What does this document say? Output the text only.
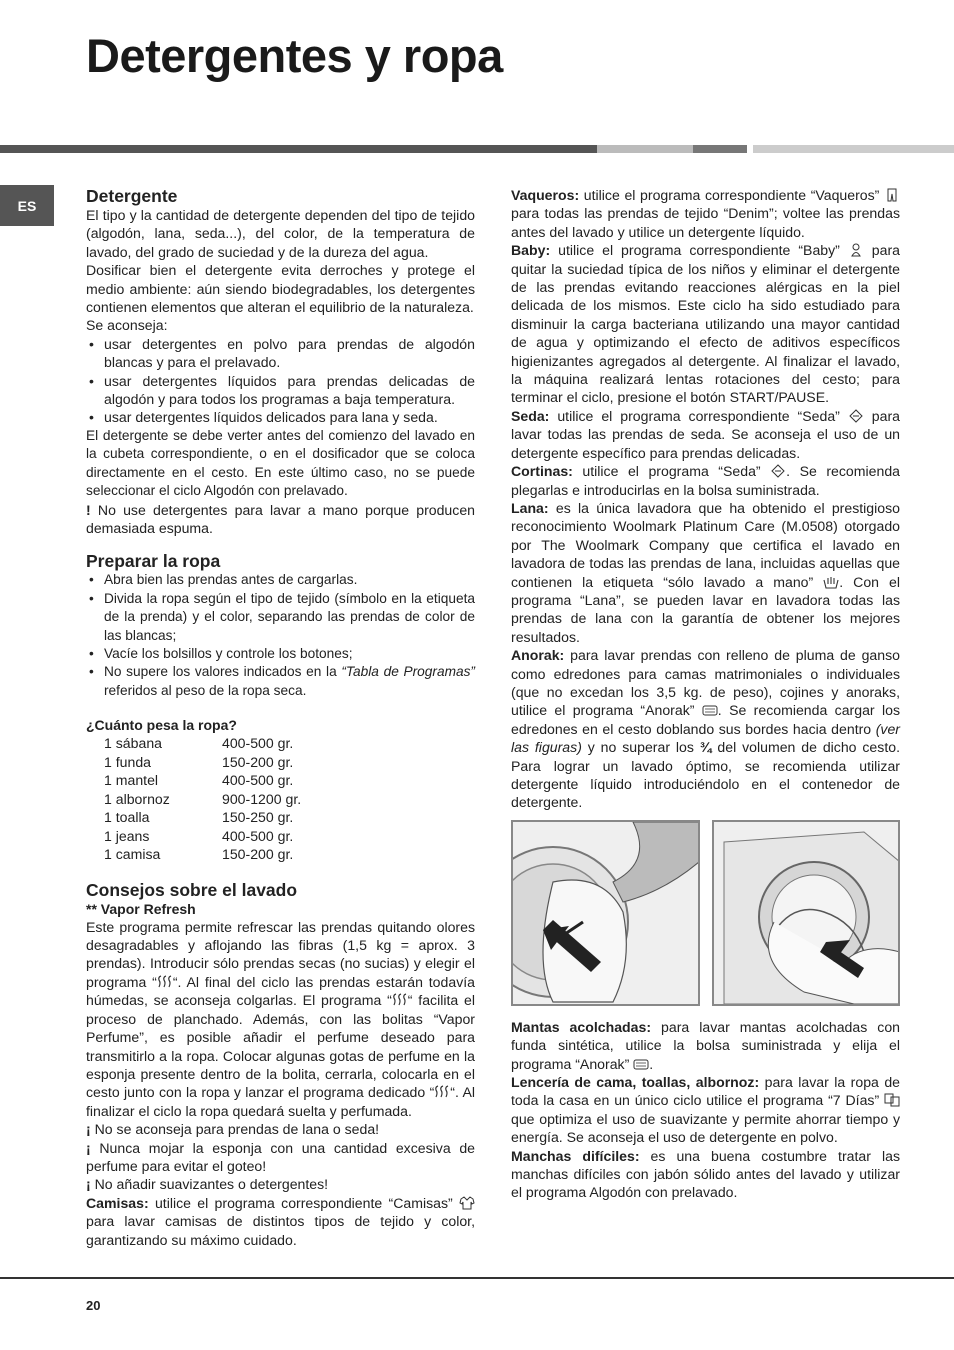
Detergentes y ropa
ES	Detergente

El tipo y la cantidad de detergente dependen del tipo de tejido (algodón, lana, seda...), del color, de la temperatura de lavado, del grado de suciedad y de la dureza del agua.

Dosificar bien el detergente evita derroches y protege el medio ambiente: aún siendo biodegradables, los detergentes contienen elementos que alteran el equilibrio de la naturaleza.

Se aconseja:

• usar detergentes en polvo para prendas de algodón blancas y para el prelavado.
• usar detergentes líquidos para prendas delicadas de algodón y para todos los programas a baja temperatura.
• usar detergentes líquidos delicados para lana y seda.

El detergente se debe verter antes del comienzo del lavado en la cubeta correspondiente, o en el dosificador que se coloca directamente en el cesto. En este último caso, no se puede seleccionar el ciclo Algodón con prelavado.

! No use detergentes para lavar a mano porque producen demasiada espuma.

Preparar la ropa
• Abra bien las prendas antes de cargarlas.
• Divida la ropa según el tipo de tejido (símbolo en la etiqueta de la prenda) y el color, separando las prendas de color de las blancas;
• Vacíe los bolsillos y controle los botones;
• No supere los valores indicados en la “Tabla de Programas” referidos al peso de la ropa seca.
¿Cuánto pesa la ropa?
1 sábana	400-500 gr.
1 funda	150-200 gr.
1 mantel	400-500 gr.
1 albornoz	900-1200 gr.
1 toalla	150-250 gr.
1 jeans	400-500 gr.
1 camisa	150-200 gr.
Consejos sobre el lavado
** Vapor Refresh

Este programa permite refrescar las prendas quitando olores desagradables y aflojando las fibras (1,5 kg = aprox. 3 prendas). Introducir sólo prendas secas (no sucias) y elegir el programa “ “. Al final del ciclo las prendas estarán todavía húmedas, se aconseja colgarlas. El programa “ “ facilita el proceso de planchado. Además, con las bolitas “Vapor Perfume”, es posible añadir el perfume deseado para transmitirlo a la ropa. Colocar algunas gotas de perfume en la esponja presente dentro de la bolita, cerrarla, colocarla en el cesto junto con la ropa y lanzar el programa dedicado “ “. Al finalizar el ciclo la ropa quedará suelta y perfumada.

¡ No se aconseja para prendas de lana o seda!

¡ Nunca mojar la esponja con una cantidad excesiva de perfume para evitar el goteo!

¡ No añadir suavizantes o detergentes!

Camisas: utilice el programa correspondiente “Camisas”  para lavar camisas de distintos tipos de tejido y color, garantizando su máximo cuidado.

Vaqueros: utilice el programa correspondiente “Vaqueros”  para todas las prendas de tejido “Denim”; voltee las prendas antes del lavado y utilice un detergente líquido.

Baby: utilice el programa correspondiente “Baby”  para quitar la suciedad típica de los niños y eliminar el detergente de las prendas evitando reacciones alérgicas en la piel delicada de los mismos. Este ciclo ha sido estudiado para disminuir la carga bacteriana utilizando una mayor cantidad de agua y optimizando el efecto de aditivos específicos higienizantes agregados al detergente. Al finalizar el lavado, la máquina realizará lentas rotaciones del cesto; para terminar el ciclo, presione el botón START/PAUSE.

Seda: utilice el programa correspondiente “Seda”  para lavar todas las prendas de seda. Se aconseja el uso de un detergente específico para prendas delicadas.

Cortinas: utilice el programa “Seda” . Se recomienda plegarlas e introducirlas en la bolsa suministrada.

Lana: es la única lavadora que ha obtenido el prestigioso reconocimiento Woolmark Platinum Care (M.0508) otorgado por The Woolmark Company que certifica el lavado en lavadora de todas las prendas de lana, incluidas aquellas que contienen la etiqueta “sólo lavado a mano” . Con el programa “Lana”, se pueden lavar en lavadora todas las prendas de lana con la garantía de obtener los mejores resultados.

Anorak: para lavar prendas con relleno de pluma de ganso como edredones para camas matrimoniales o individuales (que no excedan los 3,5 kg. de peso), cojines y anoraks, utilice el programa “Anorak” . Se recomienda cargar los edredones en el cesto doblando sus bordes hacia dentro (ver las figuras) y no superar los ¾ del volumen de dicho cesto. Para lograr un lavado óptimo, se recomienda utilizar detergente líquido introduciéndolo en el contenedor de detergente.

Mantas acolchadas: para lavar mantas acolchadas con funda sintética, utilice la bolsa suministrada y elija el programa “Anorak” .

Lencería de cama, toallas, albornoz: para lavar la ropa de toda la casa en un único ciclo utilice el programa “7 Días”  que optimiza el uso de suavizante y permite ahorrar tiempo y energía. Se aconseja el uso de detergente en polvo.

Manchas difíciles: es una buena costumbre tratar las manchas difíciles con jabón sólido antes del lavado y utilizar el programa Algodón con prelavado.

20
